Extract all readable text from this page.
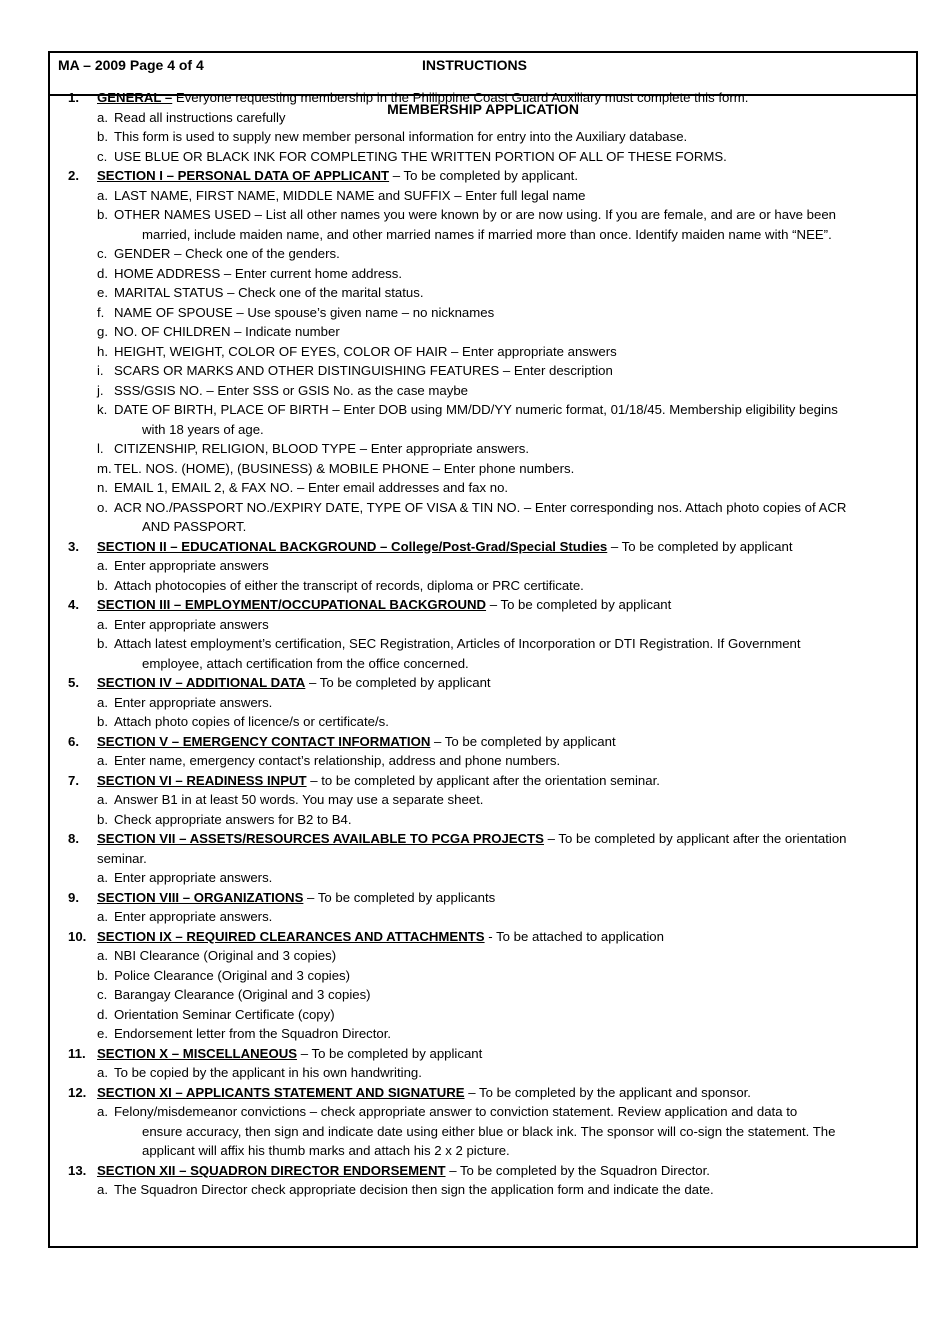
MA – 2009 Page 4 of 4	INSTRUCTIONS
MEMBERSHIP APPLICATION
1. GENERAL – Everyone requesting membership in the Philippine Coast Guard Auxiliary must complete this form.
a. Read all instructions carefully
b. This form is used to supply new member personal information for entry into the Auxiliary database.
c. USE BLUE OR BLACK INK FOR COMPLETING THE WRITTEN PORTION OF ALL OF THESE FORMS.
2. SECTION I – PERSONAL DATA OF APPLICANT – To be completed by applicant.
a. LAST NAME, FIRST NAME, MIDDLE NAME and SUFFIX – Enter full legal name
b. OTHER NAMES USED – List all other names you were known by or are now using. If you are female, and are or have been
married, include maiden name, and other married names if married more than once. Identify maiden name with “NEE”.
c. GENDER – Check one of the genders.
d. HOME ADDRESS – Enter current home address.
e. MARITAL STATUS – Check one of the marital status.
f. NAME OF SPOUSE – Use spouse’s given name – no nicknames
g. NO. OF CHILDREN – Indicate number
h. HEIGHT, WEIGHT, COLOR OF EYES, COLOR OF HAIR – Enter appropriate answers
i. SCARS OR MARKS AND OTHER DISTINGUISHING FEATURES – Enter description
j. SSS/GSIS NO. – Enter SSS or GSIS No. as the case maybe
k. DATE OF BIRTH, PLACE OF BIRTH – Enter DOB using MM/DD/YY numeric format, 01/18/45. Membership eligibility begins
with 18 years of age.
l. CITIZENSHIP, RELIGION, BLOOD TYPE – Enter appropriate answers.
m. TEL. NOS. (HOME), (BUSINESS) & MOBILE PHONE – Enter phone numbers.
n. EMAIL 1, EMAIL 2, & FAX NO. – Enter email addresses and fax no.
o. ACR NO./PASSPORT NO./EXPIRY DATE, TYPE OF VISA & TIN NO. – Enter corresponding nos. Attach photo copies of ACR
AND PASSPORT.
3. SECTION II – EDUCATIONAL BACKGROUND – College/Post-Grad/Special Studies – To be completed by applicant
a. Enter appropriate answers
b. Attach photocopies of either the transcript of records, diploma or PRC certificate.
4. SECTION III – EMPLOYMENT/OCCUPATIONAL BACKGROUND – To be completed by applicant
a. Enter appropriate answers
b. Attach latest employment’s certification, SEC Registration, Articles of Incorporation or DTI Registration. If Government
employee, attach certification from the office concerned.
5. SECTION IV – ADDITIONAL DATA – To be completed by applicant
a. Enter appropriate answers.
b. Attach photo copies of licence/s or certificate/s.
6. SECTION V – EMERGENCY CONTACT INFORMATION – To be completed by applicant
a. Enter name, emergency contact’s relationship, address and phone numbers.
7. SECTION VI – READINESS INPUT – to be completed by applicant after the orientation seminar.
a. Answer B1 in at least 50 words. You may use a separate sheet.
b. Check appropriate answers for B2 to B4.
8. SECTION VII – ASSETS/RESOURCES AVAILABLE TO PCGA PROJECTS – To be completed by applicant after the orientation
seminar.
a. Enter appropriate answers.
9. SECTION VIII – ORGANIZATIONS – To be completed by applicants
a. Enter appropriate answers.
10. SECTION IX – REQUIRED CLEARANCES AND ATTACHMENTS - To be attached to application
a. NBI Clearance (Original and 3 copies)
b. Police Clearance (Original and 3 copies)
c. Barangay Clearance (Original and 3 copies)
d. Orientation Seminar Certificate (copy)
e. Endorsement letter from the Squadron Director.
11. SECTION X – MISCELLANEOUS – To be completed by applicant
a. To be copied by the applicant in his own handwriting.
12. SECTION XI – APPLICANTS STATEMENT AND SIGNATURE – To be completed by the applicant and sponsor.
a. Felony/misdemeanor convictions – check appropriate answer to conviction statement. Review application and data to
ensure accuracy, then sign and indicate date using either blue or black ink. The sponsor will co-sign the statement. The
applicant will affix his thumb marks and attach his 2 x 2 picture.
13. SECTION XII – SQUADRON DIRECTOR ENDORSEMENT – To be completed by the Squadron Director.
a. The Squadron Director check appropriate decision then sign the application form and indicate the date.
